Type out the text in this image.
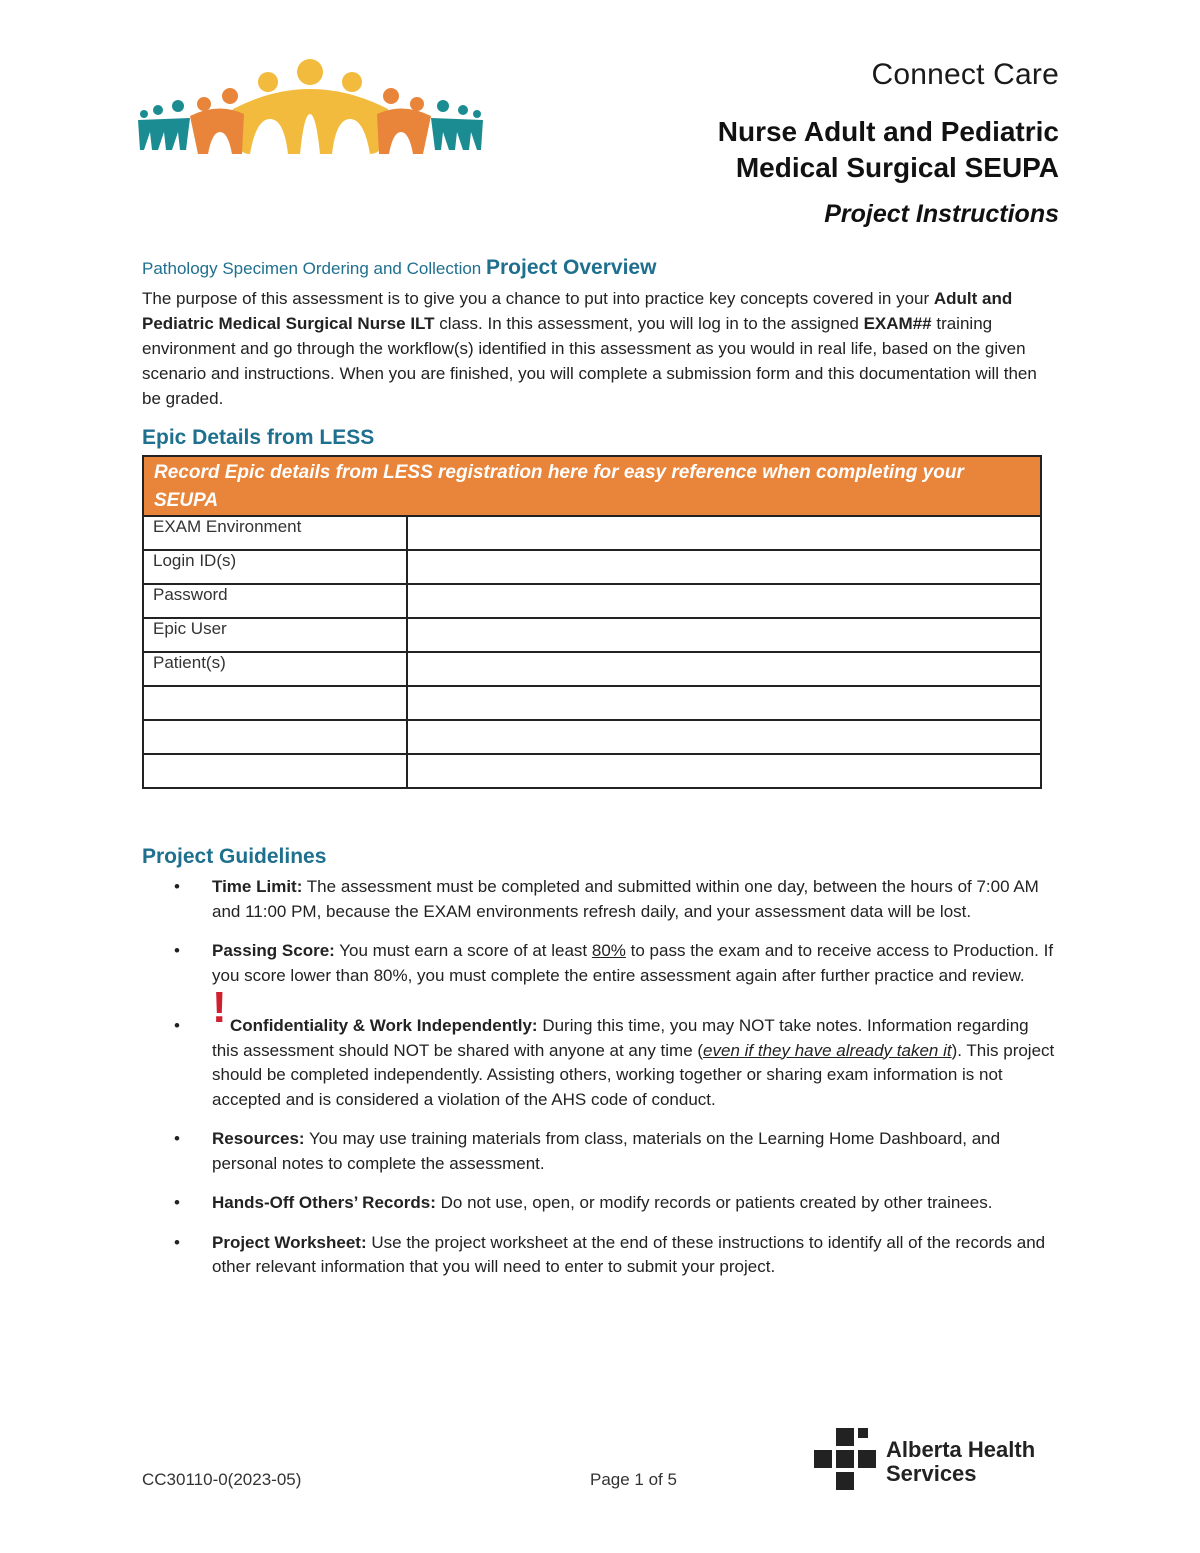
Connect Care
Nurse Adult and Pediatric
Medical Surgical SEUPA
Project Instructions
Pathology Specimen Ordering and Collection Project Overview
The purpose of this assessment is to give you a chance to put into practice key concepts covered in your Adult and Pediatric Medical Surgical Nurse ILT class. In this assessment, you will log in to the assigned EXAM## training environment and go through the workflow(s) identified in this assessment as you would in real life, based on the given scenario and instructions. When you are finished, you will complete a submission form and this documentation will then be graded.
Epic Details from LESS
Record Epic details from LESS registration here for easy reference when completing your SEUPA	
EXAM Environment	
Login ID(s)	
Password	
Epic User	
Patient(s)	

Project Guidelines
• Time Limit: The assessment must be completed and submitted within one day, between the hours of 7:00 AM and 11:00 PM, because the EXAM environments refresh daily, and your assessment data will be lost.
• Passing Score: You must earn a score of at least 80% to pass the exam and to receive access to Production. If you score lower than 80%, you must complete the entire assessment again after further practice and review.
• ! Confidentiality & Work Independently: During this time, you may NOT take notes. Information regarding this assessment should NOT be shared with anyone at any time (even if they have already taken it). This project should be completed independently. Assisting others, working together or sharing exam information is not accepted and is considered a violation of the AHS code of conduct.
• Resources: You may use training materials from class, materials on the Learning Home Dashboard, and personal notes to complete the assessment.
• Hands-Off Others’ Records: Do not use, open, or modify records or patients created by other trainees.
• Project Worksheet: Use the project worksheet at the end of these instructions to identify all of the records and other relevant information that you will need to enter to submit your project.
CC30110-0(2023-05)	Page 1 of 5
Alberta Health
Services
